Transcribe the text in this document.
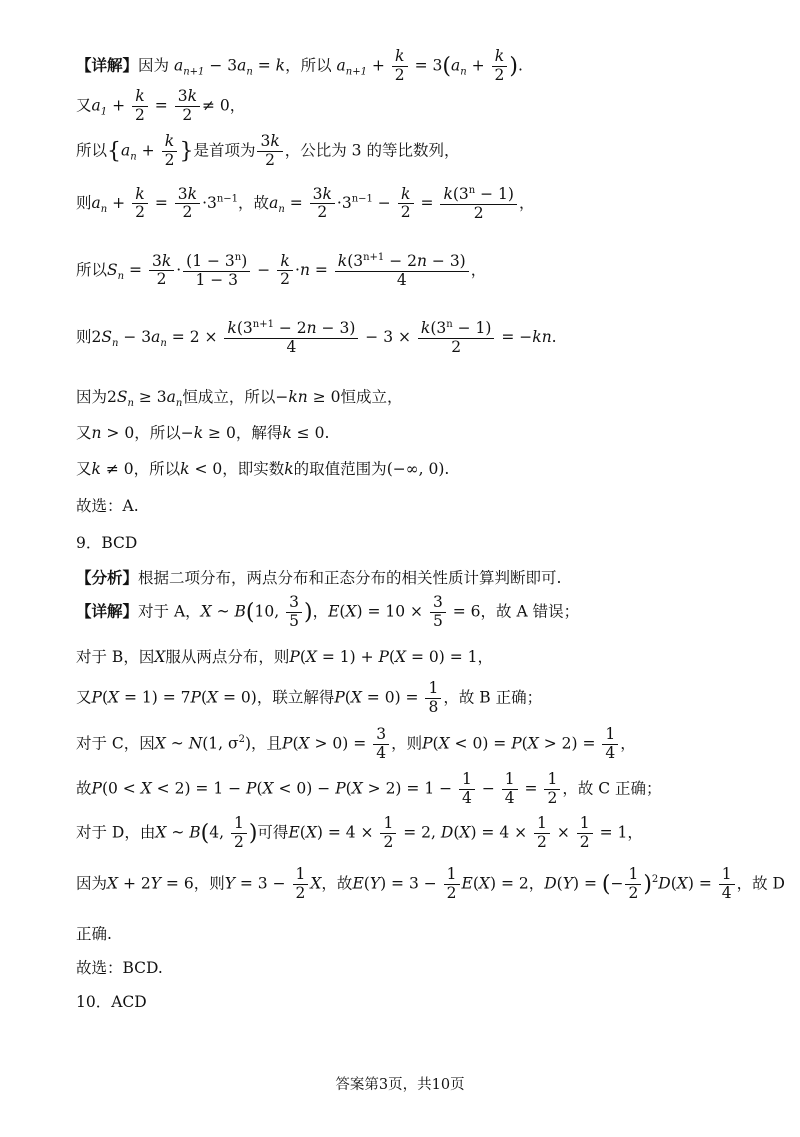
【详解】因为 $a_{n+1} - 3a_n = k$，所以 $a_{n+1} + \frac{k}{2} = 3(a_n + \frac{k}{2}$ ).
又$a_1 + \frac{k}{2} = \frac{3k}{2} \ne 0$，
所以{$a_n + \frac{k}{2}$ }是首项为 $\frac{3k}{2}$ ，公比为 3 的等比数列，
则$a_n + \frac{k}{2} = \frac{3k}{2} \cdot 3^{n-1}$，故$a_n = \frac{3k}{2} \cdot 3^{n-1} - \frac{k}{2} = \frac{k(3^n - 1)}{2}$ ，
所以$S_n = \frac{3k}{2} \cdot \frac{(1 - 3^n)}{1 - 3} - \frac{k}{2} \cdot n = \frac{k(3^{n+1} - 2n - 3)}{4}$ ，
则$2S_n - 3a_n = 2 \times \frac{k(3^{n+1} - 2n - 3)}{4} - 3 \times \frac{k(3^n - 1)}{2} = -kn$.
因为$2S_n \ge 3a_n$恒成立，所以−kn ≥ 0恒成立，
又n > 0，所以−k ≥ 0，解得k ≤ 0.
又k ≠ 0，所以k < 0，即实数k的取值范围为(−∞, 0).
故选：A.
9．BCD
【分析】根据二项分布，两点分布和正态分布的相关性质计算判断即可.
【详解】对于 A，X ~ B(10, $\frac{3}{5}$ )，$E(X) = 10 \times \frac{3}{5} = 6$，故 A 错误；
对于 B，因X服从两点分布，则P(X = 1) + P(X = 0) = 1，
又P(X = 1) = 7P(X = 0)，联立解得$P(X = 0) = \frac{1}{8}$ ，故 B 正确；
对于 C，因X ~ N(1, $\sigma^2$)，且$P(X > 0) = \frac{3}{4}$ ，则$P(X < 0) = P(X > 2) = \frac{1}{4}$ ，
故$P(0 < X < 2) = 1 - P(X < 0) - P(X > 2) = 1 - \frac{1}{4} - \frac{1}{4} = \frac{1}{2}$ ，故 C 正确；
对于 D，由X ~ B(4, $\frac{1}{2}$ )可得$E(X) = 4 \times \frac{1}{2} = 2$, $D(X) = 4 \times \frac{1}{2} \times \frac{1}{2} = 1$，
因为X + 2Y = 6，则$Y = 3 - \frac{1}{2}$ X，故$E(Y) = 3 - \frac{1}{2} E(X) = 2$，D(Y) = (− $\frac{1}{2} )^2D(X) = \frac{1}{4}$ ，故 D
正确.
故选：BCD.
10．ACD
答案第3页，共10页
